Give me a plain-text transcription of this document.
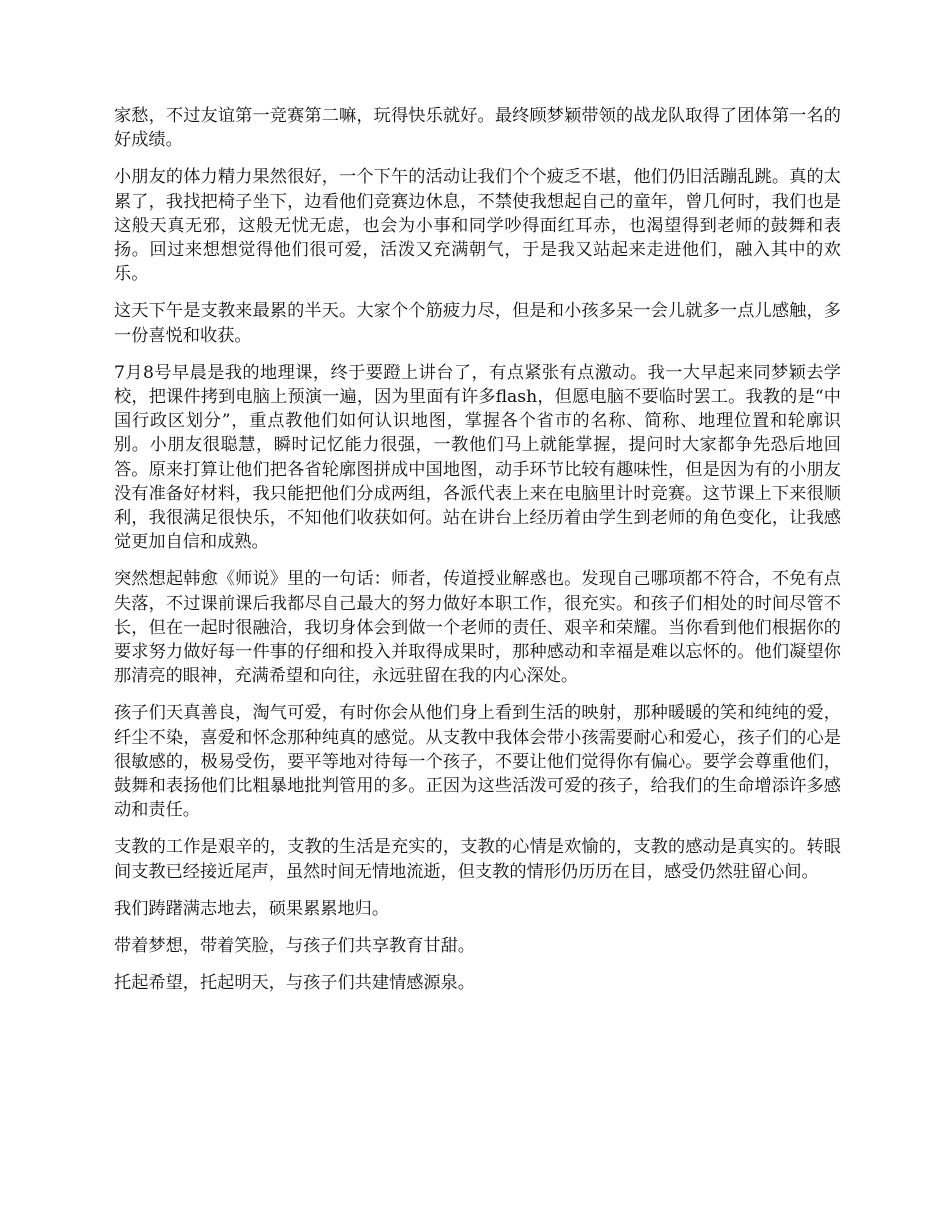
家愁，不过友谊第一竞赛第二嘛，玩得快乐就好。最终顾梦颖带领的战龙队取得了团体第一名的好成绩。

小朋友的体力精力果然很好，一个下午的活动让我们个个疲乏不堪，他们仍旧活蹦乱跳。真的太累了，我找把椅子坐下，边看他们竞赛边休息，不禁使我想起自己的童年，曾几何时，我们也是这般天真无邪，这般无忧无虑，也会为小事和同学吵得面红耳赤，也渴望得到老师的鼓舞和表扬。回过来想想觉得他们很可爱，活泼又充满朝气，于是我又站起来走进他们，融入其中的欢乐。

这天下午是支教来最累的半天。大家个个筋疲力尽，但是和小孩多呆一会儿就多一点儿感触，多一份喜悦和收获。

7月8号早晨是我的地理课，终于要蹬上讲台了，有点紧张有点激动。我一大早起来同梦颖去学校，把课件拷到电脑上预演一遍，因为里面有许多flash，但愿电脑不要临时罢工。我教的是“中国行政区划分”，重点教他们如何认识地图，掌握各个省市的名称、简称、地理位置和轮廓识别。小朋友很聪慧，瞬时记忆能力很强，一教他们马上就能掌握，提问时大家都争先恐后地回答。原来打算让他们把各省轮廓图拼成中国地图，动手环节比较有趣味性，但是因为有的小朋友没有准备好材料，我只能把他们分成两组，各派代表上来在电脑里计时竞赛。这节课上下来很顺利，我很满足很快乐，不知他们收获如何。站在讲台上经历着由学生到老师的角色变化，让我感觉更加自信和成熟。

突然想起韩愈《师说》里的一句话：师者，传道授业解惑也。发现自己哪项都不符合，不免有点失落，不过课前课后我都尽自己最大的努力做好本职工作，很充实。和孩子们相处的时间尽管不长，但在一起时很融洽，我切身体会到做一个老师的责任、艰辛和荣耀。当你看到他们根据你的要求努力做好每一件事的仔细和投入并取得成果时，那种感动和幸福是难以忘怀的。他们凝望你那清亮的眼神，充满希望和向往，永远驻留在我的内心深处。

孩子们天真善良，淘气可爱，有时你会从他们身上看到生活的映射，那种暖暖的笑和纯纯的爱，纤尘不染，喜爱和怀念那种纯真的感觉。从支教中我体会带小孩需要耐心和爱心，孩子们的心是很敏感的，极易受伤，要平等地对待每一个孩子，不要让他们觉得你有偏心。要学会尊重他们，鼓舞和表扬他们比粗暴地批判管用的多。正因为这些活泼可爱的孩子，给我们的生命增添许多感动和责任。

支教的工作是艰辛的，支教的生活是充实的，支教的心情是欢愉的，支教的感动是真实的。转眼间支教已经接近尾声，虽然时间无情地流逝，但支教的情形仍历历在目，感受仍然驻留心间。

我们踌躇满志地去，硕果累累地归。

带着梦想，带着笑脸，与孩子们共享教育甘甜。

托起希望，托起明天，与孩子们共建情感源泉。
